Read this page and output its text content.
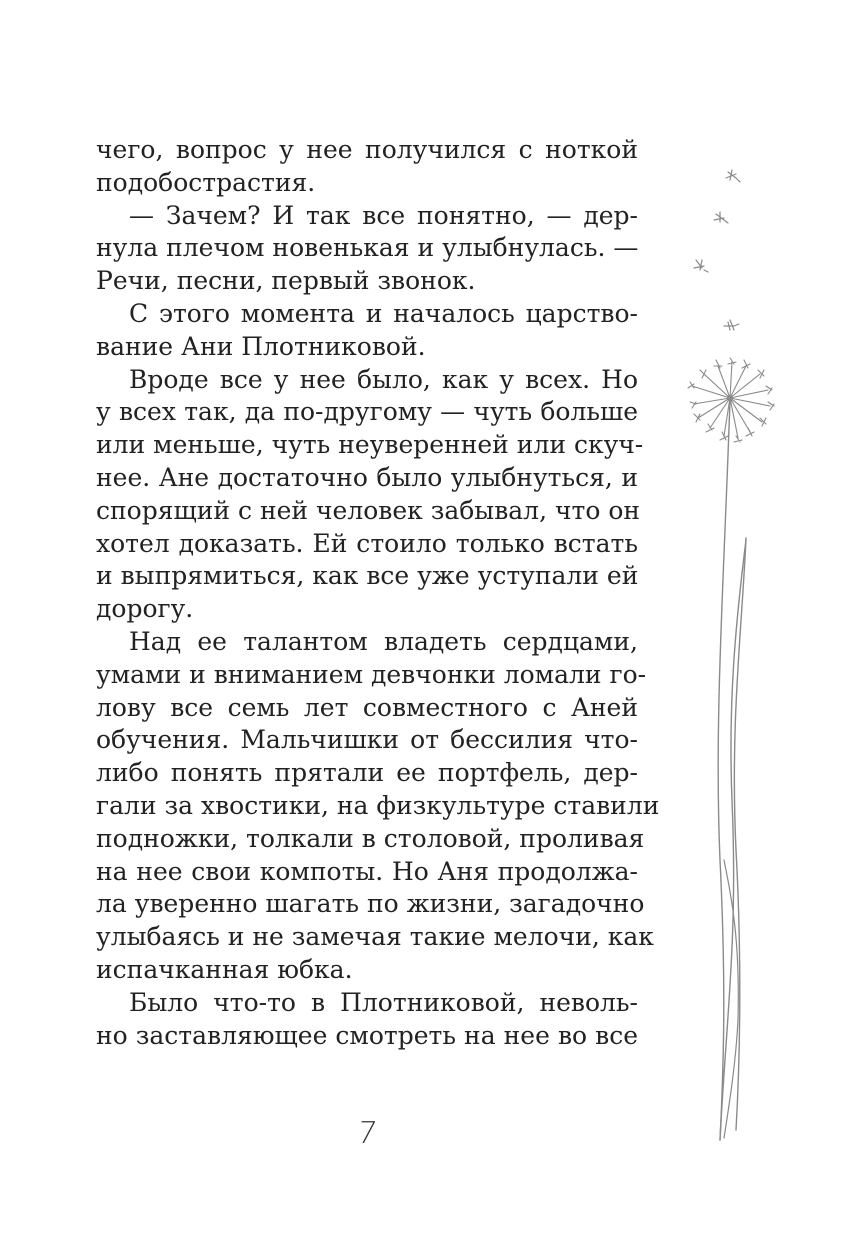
чего, вопрос у нее получился с ноткой
подобострастия.
— Зачем? И так все понятно, — дер-
нула плечом новенькая и улыбнулась. —
Речи, песни, первый звонок.
С этого момента и началось царство-
вание Ани Плотниковой.
Вроде все у нее было, как у всех. Но
у всех так, да по-другому — чуть больше
или меньше, чуть неуверенней или скуч-
нее. Ане достаточно было улыбнуться, и
спорящий с ней человек забывал, что он
хотел доказать. Ей стоило только встать
и выпрямиться, как все уже уступали ей
дорогу.
Над ее талантом владеть сердцами,
умами и вниманием девчонки ломали го-
лову все семь лет совместного с Аней
обучения. Мальчишки от бессилия что-
либо понять прятали ее портфель, дер-
гали за хвостики, на физкультуре ставили
подножки, толкали в столовой, проливая
на нее свои компоты. Но Аня продолжа-
ла уверенно шагать по жизни, загадочно
улыбаясь и не замечая такие мелочи, как
испачканная юбка.
Было что-то в Плотниковой, неволь-
но заставляющее смотреть на нее во все
7
